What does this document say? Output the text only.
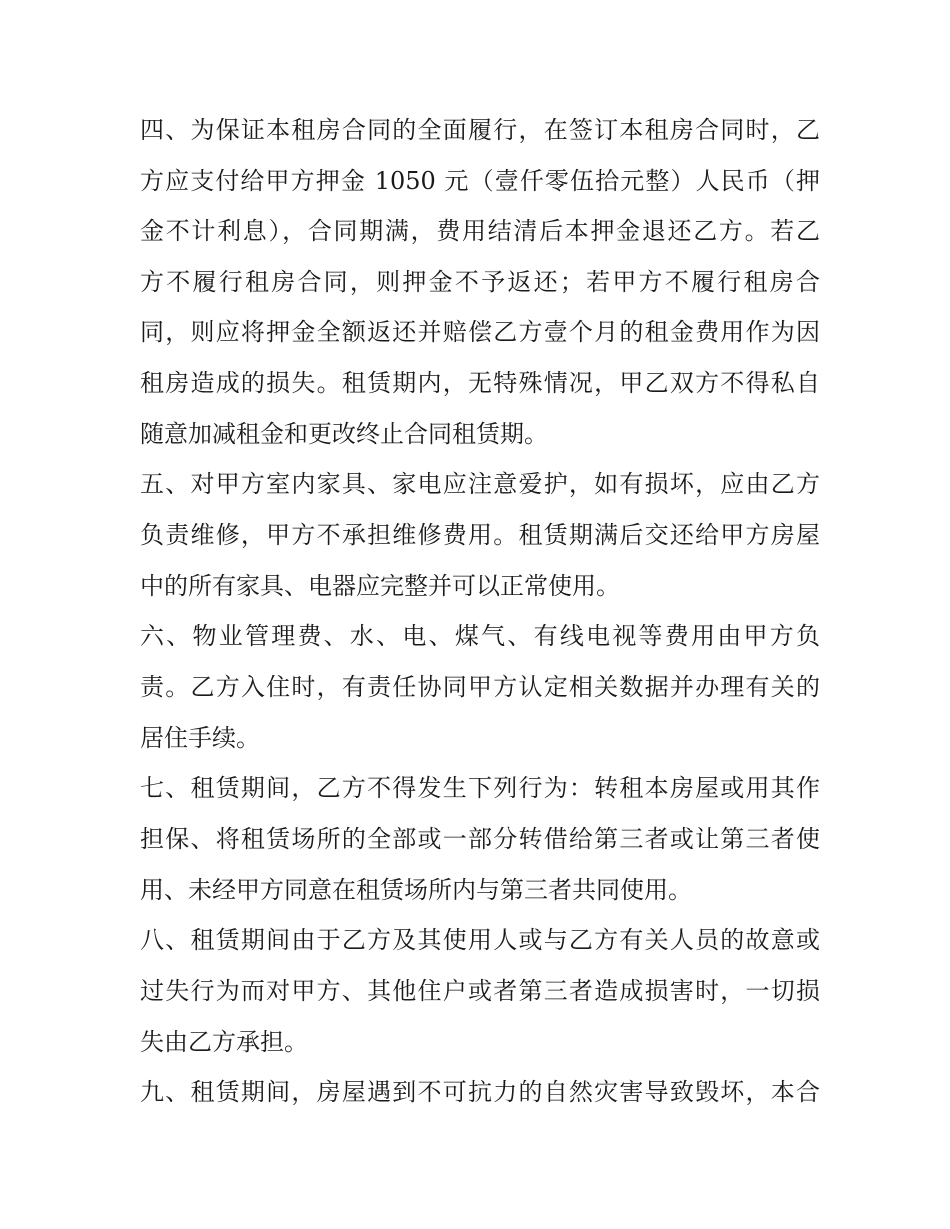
四、为保证本租房合同的全面履行，在签订本租房合同时，乙
方应支付给甲方押金 1050 元（壹仟零伍拾元整）人民币（押
金不计利息），合同期满，费用结清后本押金退还乙方。若乙
方不履行租房合同，则押金不予返还；若甲方不履行租房合
同，则应将押金全额返还并赔偿乙方壹个月的租金费用作为因
租房造成的损失。租赁期内，无特殊情况，甲乙双方不得私自
随意加减租金和更改终止合同租赁期。
五、对甲方室内家具、家电应注意爱护，如有损坏，应由乙方
负责维修，甲方不承担维修费用。租赁期满后交还给甲方房屋
中的所有家具、电器应完整并可以正常使用。
六、物业管理费、水、电、煤气、有线电视等费用由甲方负
责。乙方入住时，有责任协同甲方认定相关数据并办理有关的
居住手续。
七、租赁期间，乙方不得发生下列行为：转租本房屋或用其作
担保、将租赁场所的全部或一部分转借给第三者或让第三者使
用、未经甲方同意在租赁场所内与第三者共同使用。
八、租赁期间由于乙方及其使用人或与乙方有关人员的故意或
过失行为而对甲方、其他住户或者第三者造成损害时，一切损
失由乙方承担。
九、租赁期间，房屋遇到不可抗力的自然灾害导致毁坏，本合
